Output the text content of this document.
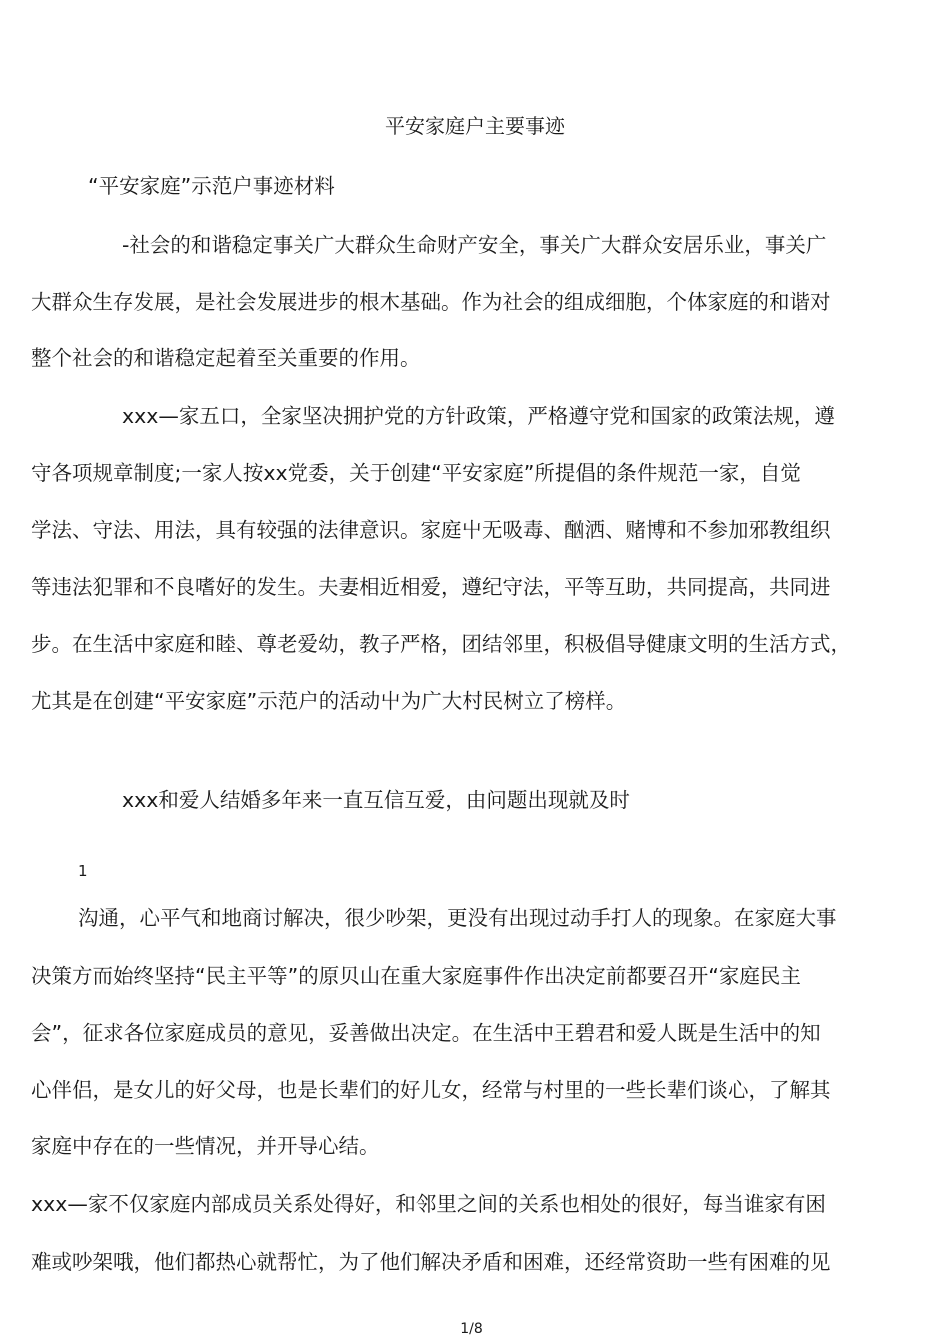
平安家庭户主要事迹

“平安家庭”示范户事迹材料

-社会的和谐稳定事关广大群众生命财产安全，事关广大群众安居乐业，事关广

大群众生存发展，是社会发展进步的根木基础。作为社会的组成细胞，个体家庭的和谐对

整个社会的和谐稳定起着至关重要的作用。

xxx—家五口，全家坚决拥护党的方针政策，严格遵守党和国家的政策法规，遵

守各项规章制度;一家人按xx党委，关于创建“平安家庭”所提倡的条件规范一家，自觉

学法、守法、用法，具有较强的法律意识。家庭屮无吸毒、酗洒、赌博和不参加邪教组织

等违法犯罪和不良嗜好的发生。夫妻相近相爱，遵纪守法，平等互助，共同提高，共同进

步。在生活中家庭和睦、尊老爱幼，教子严格，团结邻里，积极倡导健康文明的生活方式，

尤其是在创建“平安家庭”示范户的活动屮为广大村民树立了榜样。

xxx和爱人结婚多年来一直互信互爱，由问题出现就及时

1

沟通，心平气和地商讨解决，很少吵架，更没有出现过动手打人的现象。在家庭大事

决策方而始终坚持“民主平等”的原贝山在重大家庭事件作出决定前都要召开“家庭民主

会”，征求各位家庭成员的意见，妥善做出决定。在生活中王碧君和爱人既是生活中的知

心伴侣，是女儿的好父母，也是长辈们的好儿女，经常与村里的一些长辈们谈心，了解其

家庭中存在的一些情况，并开导心结。

xxx—家不仅家庭内部成员关系处得好，和邻里之间的关系也相处的很好，每当谁家有困

难或吵架哦，他们都热心就帮忙，为了他们解决矛盾和困难，还经常资助一些有困难的见

1/8
